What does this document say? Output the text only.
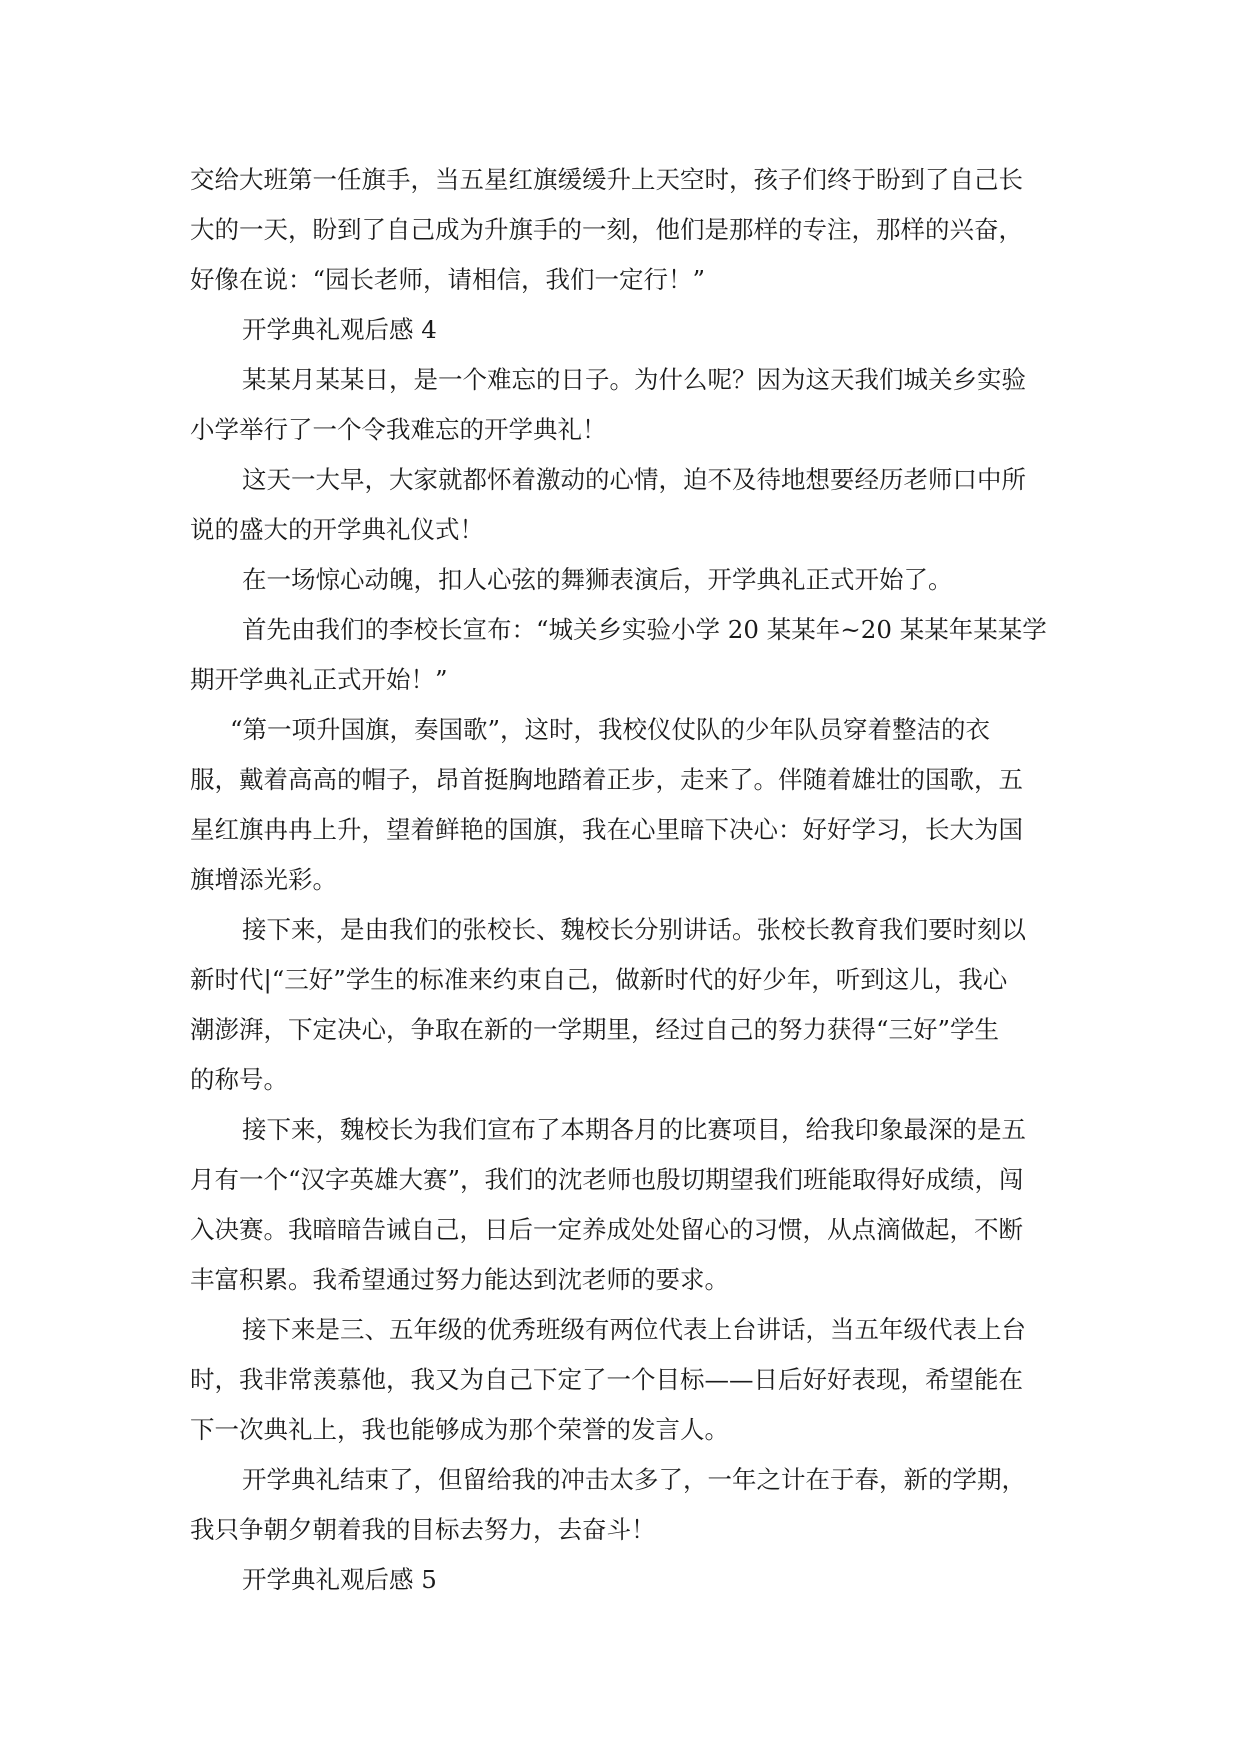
交给大班第一任旗手，当五星红旗缓缓升上天空时，孩子们终于盼到了自己长
大的一天，盼到了自己成为升旗手的一刻，他们是那样的专注，那样的兴奋，
好像在说：“园长老师，请相信，我们一定行！”
开学典礼观后感 4
某某月某某日，是一个难忘的日子。为什么呢？因为这天我们城关乡实验
小学举行了一个令我难忘的开学典礼！
这天一大早，大家就都怀着激动的心情，迫不及待地想要经历老师口中所
说的盛大的开学典礼仪式！
在一场惊心动魄，扣人心弦的舞狮表演后，开学典礼正式开始了。
首先由我们的李校长宣布：“城关乡实验小学 20 某某年~20 某某年某某学
期开学典礼正式开始！”
“第一项升国旗，奏国歌”，这时，我校仪仗队的少年队员穿着整洁的衣
服，戴着高高的帽子，昂首挺胸地踏着正步，走来了。伴随着雄壮的国歌，五
星红旗冉冉上升，望着鲜艳的国旗，我在心里暗下决心：好好学习，长大为国
旗增添光彩。
接下来，是由我们的张校长、魏校长分别讲话。张校长教育我们要时刻以
新时代|“三好”学生的标准来约束自己，做新时代的好少年，听到这儿，我心
潮澎湃，下定决心，争取在新的一学期里，经过自己的努力获得“三好”学生
的称号。
接下来，魏校长为我们宣布了本期各月的比赛项目，给我印象最深的是五
月有一个“汉字英雄大赛”，我们的沈老师也殷切期望我们班能取得好成绩，闯
入决赛。我暗暗告诫自己，日后一定养成处处留心的习惯，从点滴做起，不断
丰富积累。我希望通过努力能达到沈老师的要求。
接下来是三、五年级的优秀班级有两位代表上台讲话，当五年级代表上台
时，我非常羡慕他，我又为自己下定了一个目标——日后好好表现，希望能在
下一次典礼上，我也能够成为那个荣誉的发言人。
开学典礼结束了，但留给我的冲击太多了，一年之计在于春，新的学期，
我只争朝夕朝着我的目标去努力，去奋斗！
开学典礼观后感 5
